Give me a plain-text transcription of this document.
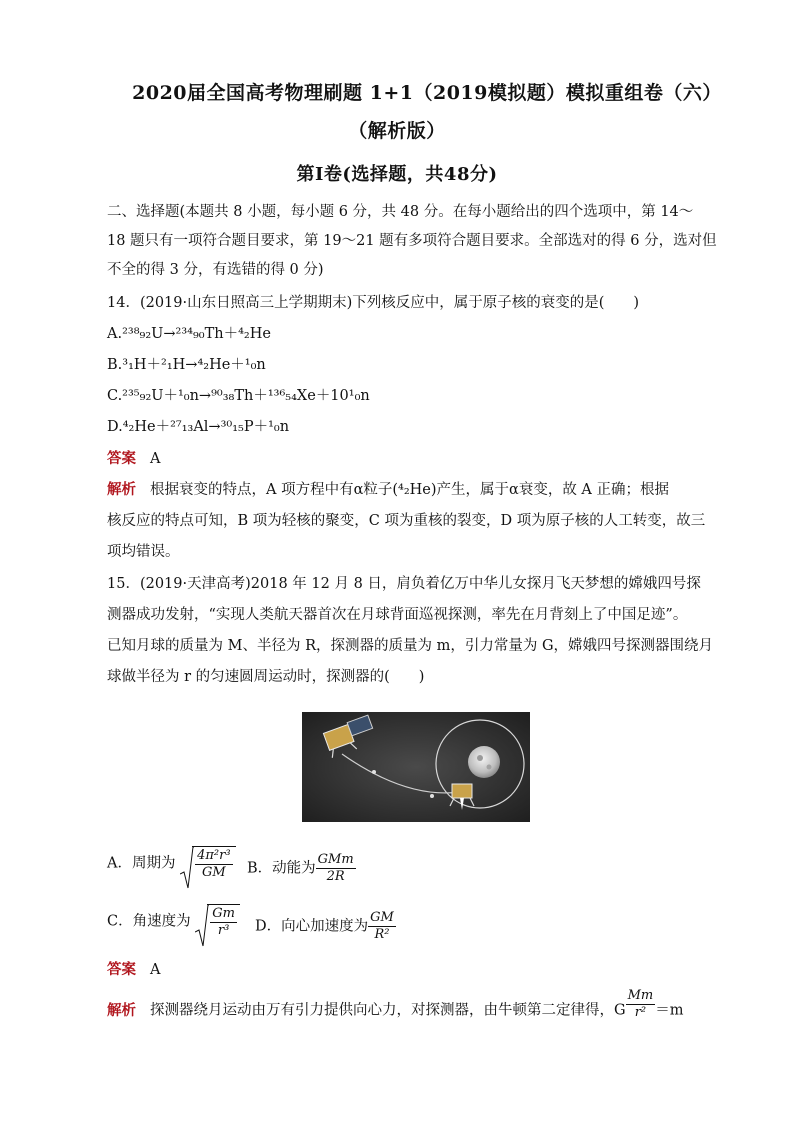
2020届全国高考物理刷题 1+1（2019模拟题）模拟重组卷（六）
（解析版）
第Ⅰ卷(选择题，共48分)
二、选择题(本题共 8 小题，每小题 6 分，共 48 分。在每小题给出的四个选项中，第 14～
18 题只有一项符合题目要求，第 19～21 题有多项符合题目要求。全部选对的得 6 分，选对但
不全的得 3 分，有选错的得 0 分)
14．(2019·山东日照高三上学期期末)下列核反应中，属于原子核的衰变的是(　　)
A.²³⁸₉₂U→²³⁴₉₀Th＋⁴₂He
B.³₁H＋²₁H→⁴₂He＋¹₀n
C.²³⁵₉₂U＋¹₀n→⁹⁰₃₈Th＋¹³⁶₅₄Xe＋10¹₀n
D.⁴₂He＋²⁷₁₃Al→³⁰₁₅P＋¹₀n
答案 A
解析 根据衰变的特点，A 项方程中有α粒子(⁴₂He)产生，属于α衰变，故 A 正确；根据
核反应的特点可知，B 项为轻核的聚变，C 项为重核的裂变，D 项为原子核的人工转变，故三
项均错误。
15．(2019·天津高考)2018 年 12 月 8 日，肩负着亿万中华儿女探月飞天梦想的嫦娥四号探
测器成功发射，“实现人类航天器首次在月球背面巡视探测，率先在月背刻上了中国足迹”。
已知月球的质量为 M、半径为 R，探测器的质量为 m，引力常量为 G，嫦娥四号探测器围绕月
球做半径为 r 的匀速圆周运动时，探测器的(　　)
A．周期为 $\frac{\text{4π²r³}}{GM}$ B．动能为 $\frac{\text{GMm}}{2R}$
C．角速度为 $\frac{Gm}{\text{r³}}$ D．向心加速度为 $\frac{GM}{\text{R²}}$
答案 A
解析 探测器绕月运动由万有引力提供向心力，对探测器，由牛顿第二定律得，G $\frac{Mm}{\text{r²}} =m$
